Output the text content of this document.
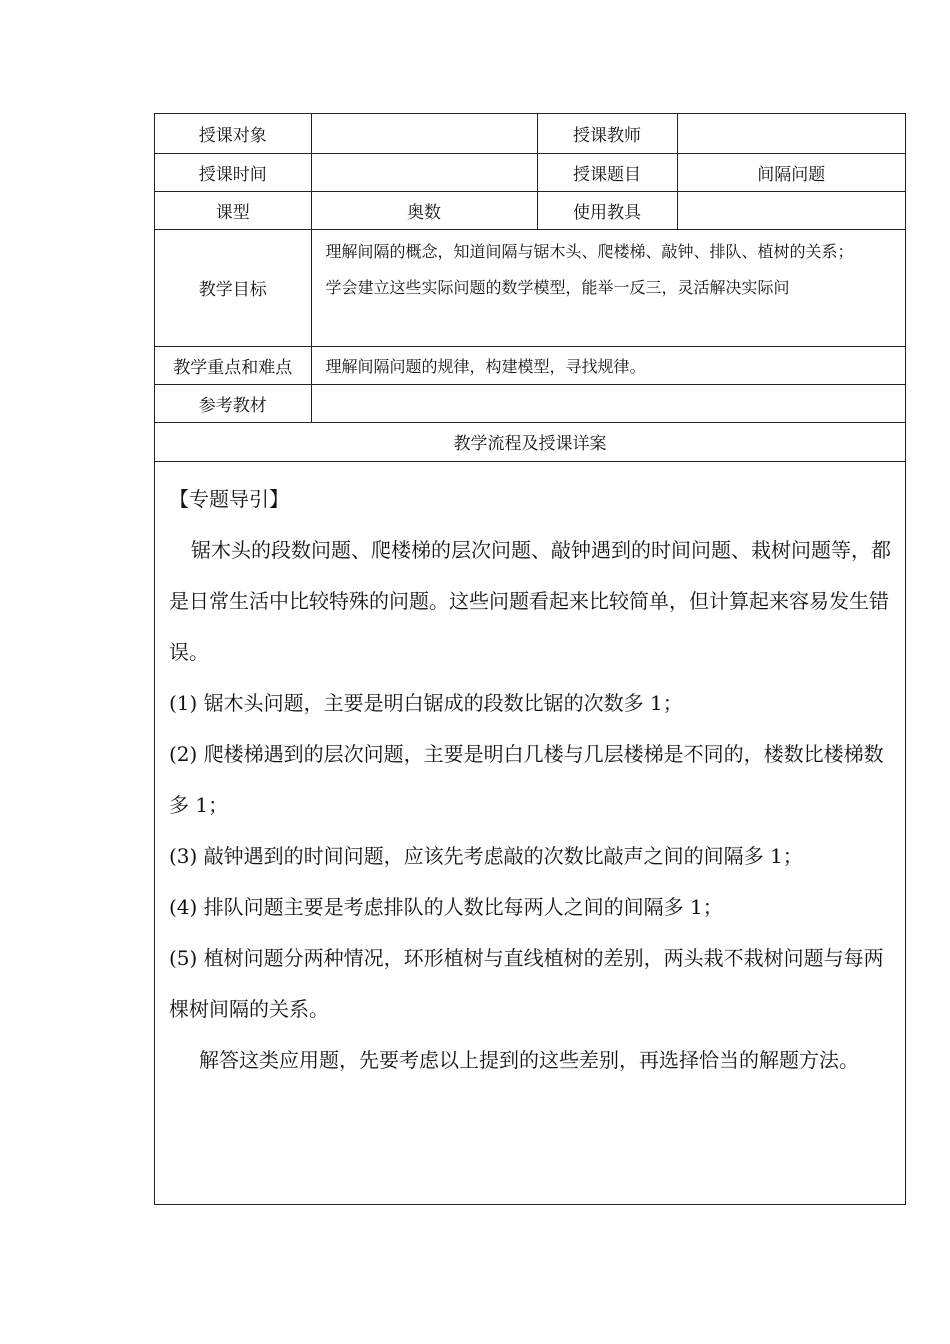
授课对象		授课教师	
授课时间		授课题目	间隔问题
课型	奥数	使用教具	
教学目标	理解间隔的概念，知道间隔与锯木头、爬楼梯、敲钟、排队、植树的关系；
学会建立这些实际问题的数学模型，能举一反三，灵活解决实际问		

教学重点和难点	理解间隔问题的规律，构建模型，寻找规律。		
参考教材			
教学流程及授课详案			

【专题导引】

锯木头的段数问题、爬楼梯的层次问题、敲钟遇到的时间问题、栽树问题等，都是日常生活中比较特殊的问题。这些问题看起来比较简单，但计算起来容易发生错误。

(1) 锯木头问题，主要是明白锯成的段数比锯的次数多 1；

(2) 爬楼梯遇到的层次问题，主要是明白几楼与几层楼梯是不同的，楼数比楼梯数多 1；

(3) 敲钟遇到的时间问题，应该先考虑敲的次数比敲声之间的间隔多 1；

(4) 排队问题主要是考虑排队的人数比每两人之间的间隔多 1；

(5) 植树问题分两种情况，环形植树与直线植树的差别，两头栽不栽树问题与每两棵树间隔的关系。

解答这类应用题，先要考虑以上提到的这些差别，再选择恰当的解题方法。
